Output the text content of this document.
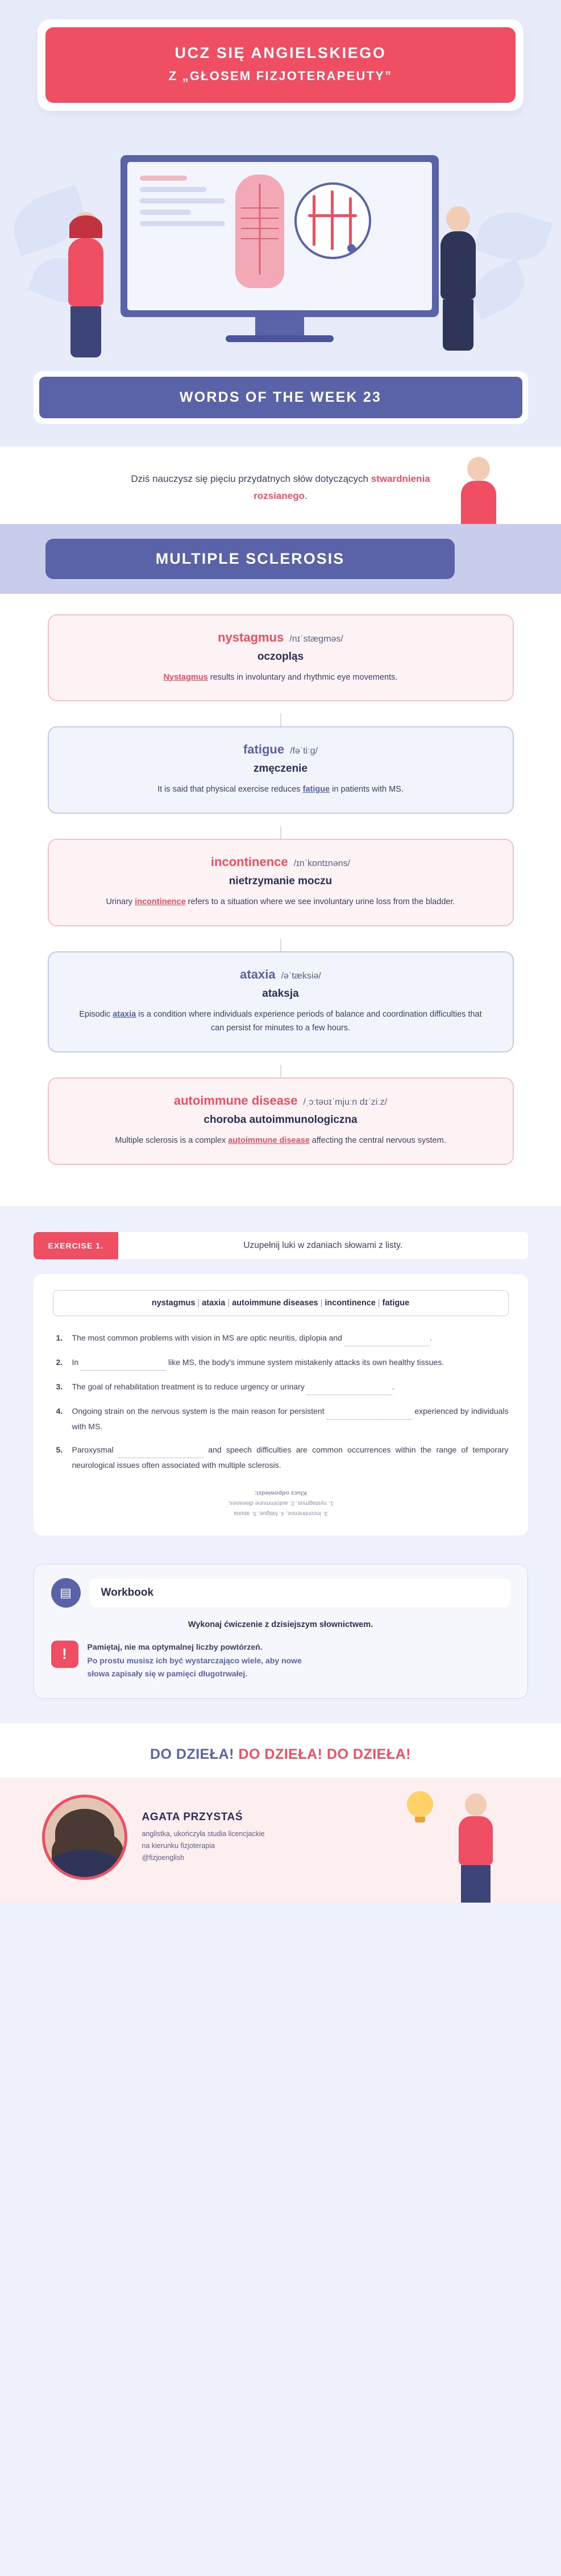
UCZ SIĘ ANGIELSKIEGO
Z „GŁOSEM FIZJOTERAPEUTY”
WORDS OF THE WEEK 23

Dziś nauczysz się pięciu przydatnych słów dotyczących stwardnienia rozsianego.

MULTIPLE SCLEROSIS
nystagmus /nɪˈstæɡməs/
oczopląs
Nystagmus results in involuntary and rhythmic eye movements.
fatigue /fəˈtiːɡ/
zmęczenie
It is said that physical exercise reduces fatigue in patients with MS.
incontinence /ɪnˈkɒntɪnəns/
nietrzymanie moczu
Urinary incontinence refers to a situation where we see involuntary urine loss from the bladder.
ataxia /əˈtæksiə/
ataksja
Episodic ataxia is a condition where individuals experience periods of balance and coordination difficulties that can persist for minutes to a few hours.
autoimmune disease /ˌɔːtəʊɪˈmjuːn dɪˈziːz/
choroba autoimmunologiczna
Multiple sclerosis is a complex autoimmune disease affecting the central nervous system.
EXERCISE 1.	Uzupełnij luki w zdaniach słowami z listy.
nystagmus | ataxia | autoimmune diseases | incontinence | fatigue
The most common problems with vision in MS are optic neuritis, diplopia and	.
In	like MS, the body's immune system mistakenly attacks its own healthy tissues.
The goal of rehabilitation treatment is to reduce urgency or urinary	.
Ongoing strain on the nervous system is the main reason for persistent	experienced by individuals with MS.
Paroxysmal	and speech difficulties are common occurrences within the range of temporary neurological issues often associated with multiple sclerosis.
3. incontinence, 4. fatigue, 5. ataxia
1. nystagmus, 2. autoimmune diseases,
Klucz odpowiedzi:
▤	Workbook
Wykonaj ćwiczenie z dzisiejszym słownictwem.
!	Pamiętaj, nie ma optymalnej liczby powtórzeń.
Po prostu musisz ich być wystarczająco wiele, aby nowe
słowa zapisały się w pamięci długotrwałej.
DO DZIEŁA! DO DZIEŁA! DO DZIEŁA!
AGATA PRZYSTAŚ
anglistka, ukończyła studia licencjackie
na kierunku fizjoterapia
@fizjoenglish
